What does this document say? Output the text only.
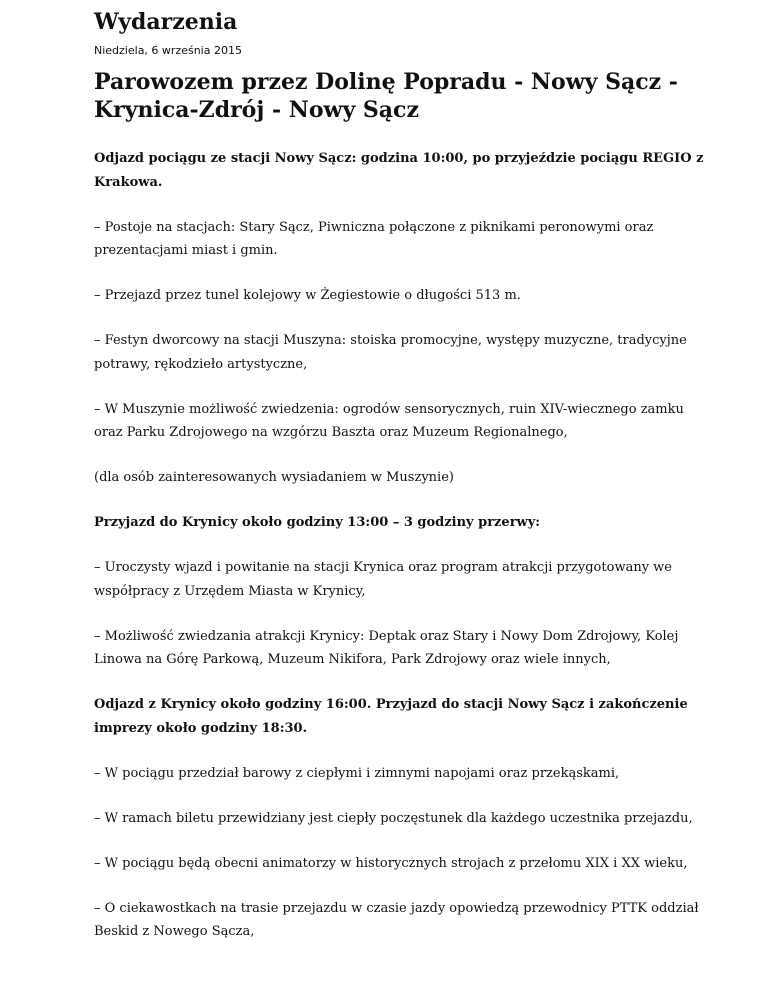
Wydarzenia
Niedziela, 6 września 2015
Parowozem przez Dolinę Popradu - Nowy Sącz - Krynica-Zdrój - Nowy Sącz

Odjazd pociągu ze stacji Nowy Sącz: godzina 10:00, po przyjeździe pociągu REGIO z
Krakowa.

– Postoje na stacjach: Stary Sącz, Piwniczna połączone z piknikami peronowymi oraz
prezentacjami miast i gmin.

– Przejazd przez tunel kolejowy w Żegiestowie o długości 513 m.

– Festyn dworcowy na stacji Muszyna: stoiska promocyjne, występy muzyczne, tradycyjne
potrawy, rękodzieło artystyczne,

– W Muszynie możliwość zwiedzenia: ogrodów sensorycznych, ruin XIV-wiecznego zamku
oraz Parku Zdrojowego na wzgórzu Baszta oraz Muzeum Regionalnego,

(dla osób zainteresowanych wysiadaniem w Muszynie)

Przyjazd do Krynicy około godziny 13:00 – 3 godziny przerwy:

– Uroczysty wjazd i powitanie na stacji Krynica oraz program atrakcji przygotowany we
współpracy z Urzędem Miasta w Krynicy,

– Możliwość zwiedzania atrakcji Krynicy: Deptak oraz Stary i Nowy Dom Zdrojowy, Kolej
Linowa na Górę Parkową, Muzeum Nikifora, Park Zdrojowy oraz wiele innych,

Odjazd z Krynicy około godziny 16:00. Przyjazd do stacji Nowy Sącz i zakończenie
imprezy około godziny 18:30.

– W pociągu przedział barowy z ciepłymi i zimnymi napojami oraz przekąskami,

– W ramach biletu przewidziany jest ciepły poczęstunek dla każdego uczestnika przejazdu,

– W pociągu będą obecni animatorzy w historycznych strojach z przełomu XIX i XX wieku,

– O ciekawostkach na trasie przejazdu w czasie jazdy opowiedzą przewodnicy PTTK oddział
Beskid z Nowego Sącza,
